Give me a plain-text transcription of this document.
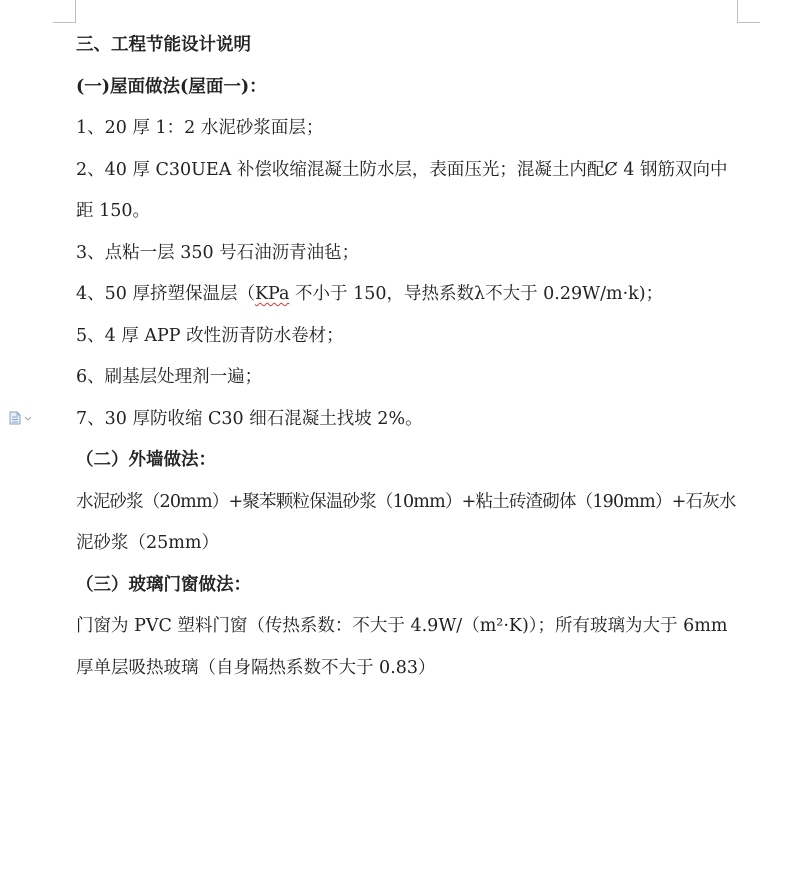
三、工程节能设计说明
(一)屋面做法(屋面一)：
1、20 厚 1：2 水泥砂浆面层；
2、40 厚 C30UEA 补偿收缩混凝土防水层，表面压光；混凝土内配Ȼ 4 钢筋双向中
距 150。
3、点粘一层 350 号石油沥青油毡；
4、50 厚挤塑保温层（KPa 不小于 150，导热系数λ不大于 0.29W/m·k)；
5、4 厚 APP 改性沥青防水卷材；
6、刷基层处理剂一遍；
7、30 厚防收缩 C30 细石混凝土找坡 2%。
（二）外墙做法：
水泥砂浆（20mm）+聚苯颗粒保温砂浆（10mm）+粘土砖渣砌体（190mm）+石灰水
泥砂浆（25mm）
（三）玻璃门窗做法：
门窗为 PVC 塑料门窗（传热系数：不大于 4.9W/（m²·K)）；所有玻璃为大于 6mm
厚单层吸热玻璃（自身隔热系数不大于 0.83）
